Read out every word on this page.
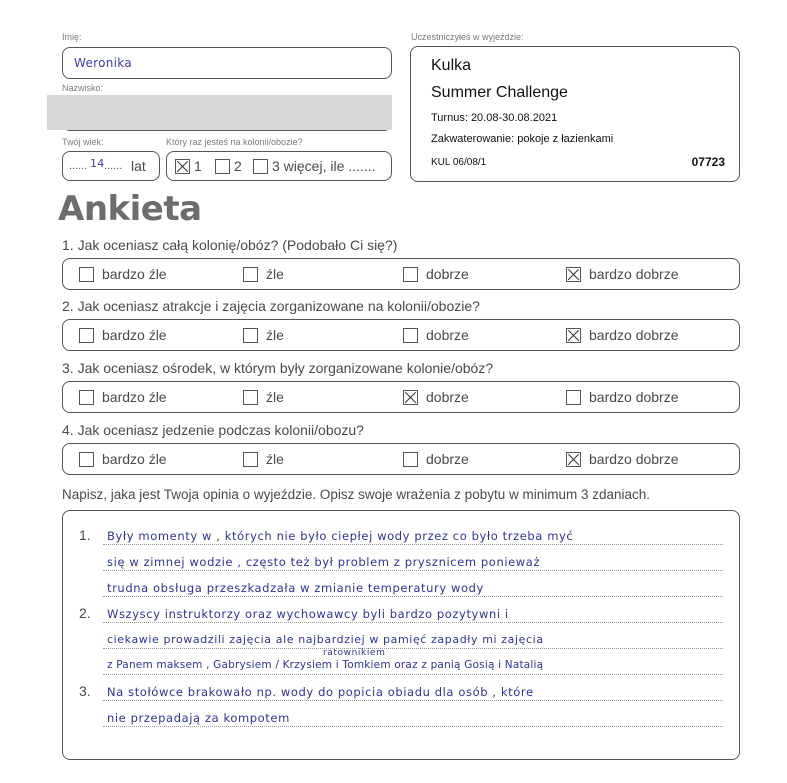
Imię:
Weronika
Nazwisko:
Twój wiek:
...... 14 ...... lat
Który raz jesteś na kolonii/obozie?
1 2 3 więcej, ile .......
Uczestniczyłeś w wyjeździe:
Kulka
Summer Challenge
Turnus: 20.08-30.08.2021
Zakwaterowanie: pokoje z łazienkami
KUL 06/08/1	07723
Ankieta
1. Jak oceniasz całą kolonię/obóz? (Podobało Ci się?)
bardzo źle	źle	dobrze	bardzo dobrze
2. Jak oceniasz atrakcje i zajęcia zorganizowane na kolonii/obozie?
bardzo źle	źle	dobrze	bardzo dobrze
3. Jak oceniasz ośrodek, w którym były zorganizowane kolonie/obóz?
bardzo źle	źle	dobrze	bardzo dobrze
4. Jak oceniasz jedzenie podczas kolonii/obozu?
bardzo źle	źle	dobrze	bardzo dobrze
Napisz, jaka jest Twoja opinia o wyjeździe. Opisz swoje wrażenia z pobytu w minimum 3 zdaniach.
1.
2.
3.
Były momenty w , których nie było ciepłej wody przez co było trzeba myć
się w zimnej wodzie , często też był problem z prysznicem ponieważ
trudna obsługa przeszkadzała w zmianie temperatury wody
Wszyscy instruktorzy oraz wychowawcy byli bardzo pozytywni i
ciekawie prowadzili zajęcia ale najbardziej w pamięć zapadły mi zajęcia
ratownikiem
z Panem maksem , Gabrysiem / Krzysiem i Tomkiem oraz z panią Gosią i Natalią
Na stołówce brakowało np. wody do popicia obiadu dla osób , które
nie przepadają za kompotem
